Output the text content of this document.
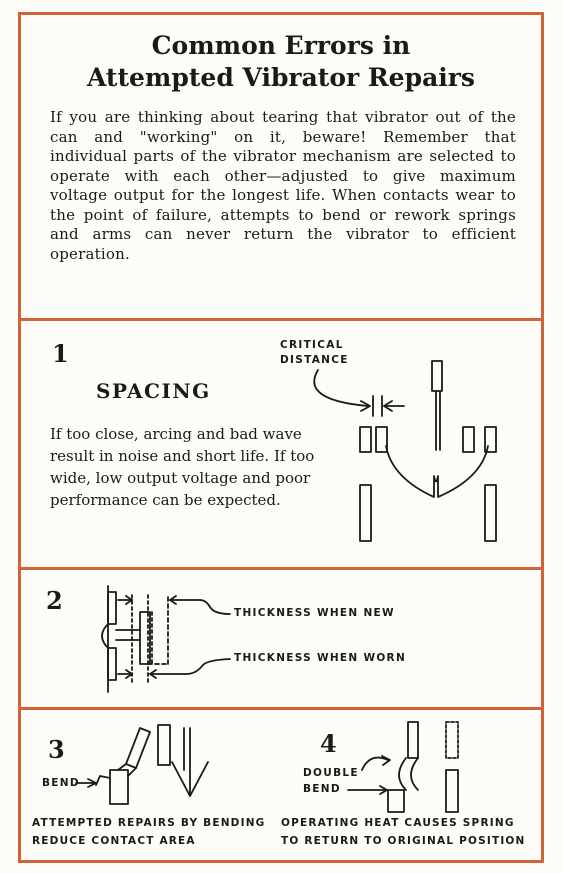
Common Errors in
Attempted Vibrator Repairs

If you are thinking about tearing that vibrator out of the can and "working" on it, beware! Remember that individual parts of the vibrator mechanism are selected to operate with each other—adjusted to give maximum voltage output for the longest life. When contacts wear to the point of failure, attempts to bend or rework springs and arms can never return the vibrator to efficient operation.

1
SPACING

If too close, arcing and bad wave result in noise and short life. If too wide, low output voltage and poor performance can be expected.

CRITICAL
DISTANCE
2	THICKNESS WHEN NEW
THICKNESS WHEN WORN
3
BEND

ATTEMPTED REPAIRS BY BENDING
REDUCE CONTACT AREA

4
DOUBLE
BEND

OPERATING HEAT CAUSES SPRING
TO RETURN TO ORIGINAL POSITION
